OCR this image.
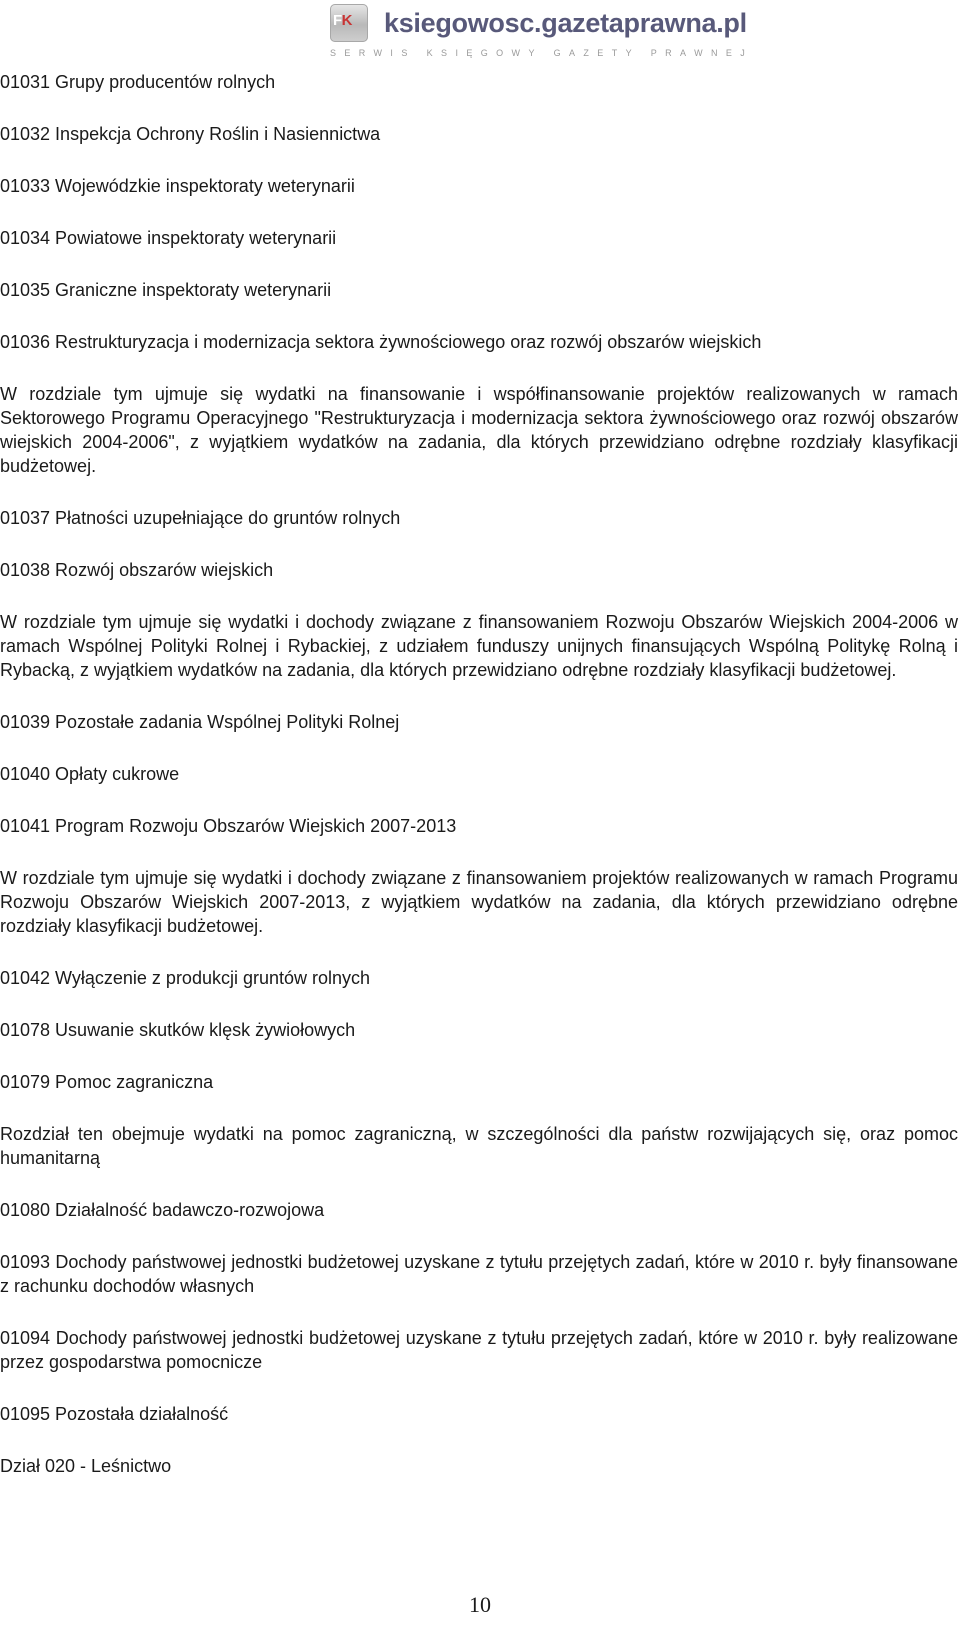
FK	ksiegowosc.gazetaprawna.pl
SERWIS KSIĘGOWY GAZETY PRAWNEJ
01031 Grupy producentów rolnych
01032 Inspekcja Ochrony Roślin i Nasiennictwa
01033 Wojewódzkie inspektoraty weterynarii
01034 Powiatowe inspektoraty weterynarii
01035 Graniczne inspektoraty weterynarii
01036 Restrukturyzacja i modernizacja sektora żywnościowego oraz rozwój obszarów wiejskich
W rozdziale tym ujmuje się wydatki na finansowanie i współfinansowanie projektów realizowanych w ramach Sektorowego Programu Operacyjnego "Restrukturyzacja i modernizacja sektora żywnościowego oraz rozwój obszarów wiejskich 2004-2006", z wyjątkiem wydatków na zadania, dla których przewidziano odrębne rozdziały klasyfikacji budżetowej.
01037 Płatności uzupełniające do gruntów rolnych
01038 Rozwój obszarów wiejskich
W rozdziale tym ujmuje się wydatki i dochody związane z finansowaniem Rozwoju Obszarów Wiejskich 2004-2006 w ramach Wspólnej Polityki Rolnej i Rybackiej, z udziałem funduszy unijnych finansujących Wspólną Politykę Rolną i Rybacką, z wyjątkiem wydatków na zadania, dla których przewidziano odrębne rozdziały klasyfikacji budżetowej.
01039 Pozostałe zadania Wspólnej Polityki Rolnej
01040 Opłaty cukrowe
01041 Program Rozwoju Obszarów Wiejskich 2007-2013
W rozdziale tym ujmuje się wydatki i dochody związane z finansowaniem projektów realizowanych w ramach Programu Rozwoju Obszarów Wiejskich 2007-2013, z wyjątkiem wydatków na zadania, dla których przewidziano odrębne rozdziały klasyfikacji budżetowej.
01042 Wyłączenie z produkcji gruntów rolnych
01078 Usuwanie skutków klęsk żywiołowych
01079 Pomoc zagraniczna
Rozdział ten obejmuje wydatki na pomoc zagraniczną, w szczególności dla państw rozwijających się, oraz pomoc humanitarną
01080 Działalność badawczo-rozwojowa
01093 Dochody państwowej jednostki budżetowej uzyskane z tytułu przejętych zadań, które w 2010 r. były finansowane z rachunku dochodów własnych
01094 Dochody państwowej jednostki budżetowej uzyskane z tytułu przejętych zadań, które w 2010 r. były realizowane przez gospodarstwa pomocnicze
01095 Pozostała działalność
Dział 020 - Leśnictwo
10
